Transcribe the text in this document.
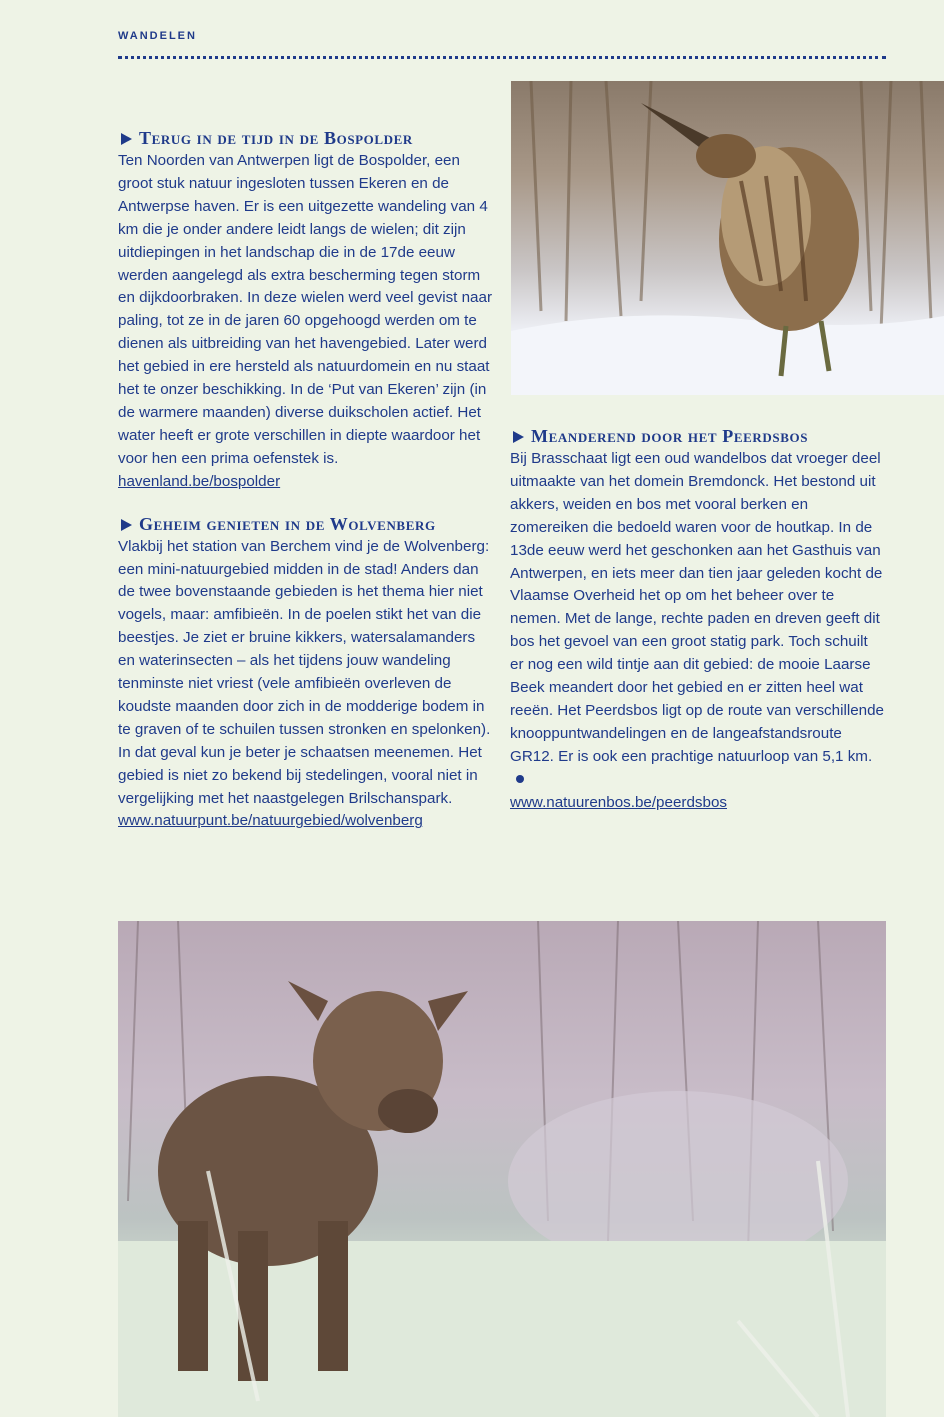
WANDELEN
Terug in de tijd in de Bospolder

Ten Noorden van Antwerpen ligt de Bospolder, een groot stuk natuur ingesloten tussen Ekeren en de Antwerpse haven. Er is een uitgezette wandeling van 4 km die je onder andere leidt langs de wielen; dit zijn uitdiepingen in het landschap die in de 17de eeuw werden aangelegd als extra bescherming tegen storm en dijkdoorbraken. In deze wielen werd veel gevist naar paling, tot ze in de jaren 60 opgehoogd werden om te dienen als uitbreiding van het havengebied. Later werd het gebied in ere hersteld als natuurdomein en nu staat het te onzer beschikking. In de ‘Put van Ekeren’ zijn (in de warmere maanden) diverse duikscholen actief. Het water heeft er grote verschillen in diepte waardoor het voor hen een prima oefenstek is.

havenland.be/bospolder
Geheim genieten in de Wolvenberg

Vlakbij het station van Berchem vind je de Wolvenberg: een mini-natuurgebied midden in de stad! Anders dan de twee bovenstaande gebieden is het thema hier niet vogels, maar: amfibieën. In de poelen stikt het van die beestjes. Je ziet er bruine kikkers, watersalamanders en waterinsecten – als het tijdens jouw wandeling tenminste niet vriest (vele amfibieën overleven de koudste maanden door zich in de modderige bodem in te graven of te schuilen tussen stronken en spelonken). In dat geval kun je beter je schaatsen meenemen. Het gebied is niet zo bekend bij stedelingen, vooral niet in vergelijking met het naastgelegen Brilschanspark.

www.natuurpunt.be/natuurgebied/wolvenberg
Meanderend door het Peerdsbos

Bij Brasschaat ligt een oud wandelbos dat vroeger deel uitmaakte van het domein Bremdonck. Het bestond uit akkers, weiden en bos met vooral berken en zomereiken die bedoeld waren voor de houtkap. In de 13de eeuw werd het geschonken aan het Gasthuis van Antwerpen, en iets meer dan tien jaar geleden kocht de Vlaamse Overheid het op om het beheer over te nemen. Met de lange, rechte paden en dreven geeft dit bos het gevoel van een groot statig park. Toch schuilt er nog een wild tintje aan dit gebied: de mooie Laarse Beek meandert door het gebied en er zitten heel wat reeën. Het Peerdsbos ligt op de route van verschillende knooppuntwandelingen en de langeafstandsroute GR12. Er is ook een prachtige natuurloop van 5,1 km.

www.natuurenbos.be/peerdsbos
